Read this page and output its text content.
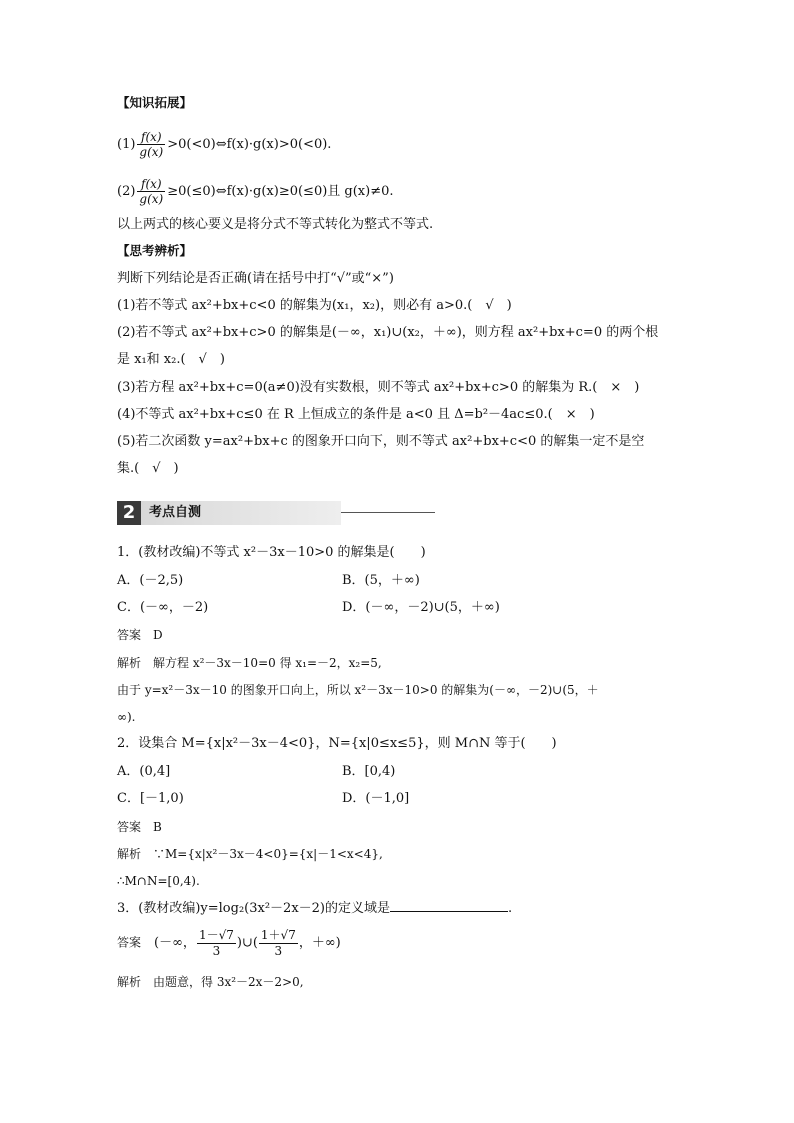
【知识拓展】
$(1) \frac{f(x)}{g(x)}$ >0(<0)⇔f(x)·g(x)>0(<0).
$(2) \frac{f(x)}{g(x)}$ ≥0(≤0)⇔f(x)·g(x)≥0(≤0)且 g(x)≠0.
以上两式的核心要义是将分式不等式转化为整式不等式.
【思考辨析】
判断下列结论是否正确(请在括号中打“√”或“×”)
(1)若不等式 ax²+bx+c<0 的解集为(x₁，x₂)，则必有 a>0.(　√　)
(2)若不等式 ax²+bx+c>0 的解集是(－∞，x₁)∪(x₂，＋∞)，则方程 ax²+bx+c=0 的两个根
是 x₁和 x₂.(　√　)
(3)若方程 ax²+bx+c=0(a≠0)没有实数根，则不等式 ax²+bx+c>0 的解集为 R.(　×　)
(4)不等式 ax²+bx+c≤0 在 R 上恒成立的条件是 a<0 且 Δ=b²－4ac≤0.(　×　)
(5)若二次函数 y=ax²+bx+c 的图象开口向下，则不等式 ax²+bx+c<0 的解集一定不是空
集.(　√　)
2	考点自测
1．(教材改编)不等式 x²－3x－10>0 的解集是(　　)
A．(－2,5)	B．(5，＋∞)
C．(－∞，－2)	D．(－∞，－2)∪(5，＋∞)
答案　D
解析　解方程 x²－3x－10=0 得 x₁=－2，x₂=5,
由于 y=x²－3x－10 的图象开口向上，所以 x²－3x－10>0 的解集为(－∞，－2)∪(5，＋
∞).
2．设集合 M={x|x²－3x－4<0}，N={x|0≤x≤5}，则 M∩N 等于(　　)
A．(0,4]	B．[0,4)
C．[－1,0)	D．(－1,0]
答案　B
解析　∵M={x|x²－3x－4<0}={x|－1<x<4},
∴M∩N=[0,4).
3．(教材改编)y=log₂(3x²－2x－2)的定义域是	.
答案　 (－∞， $\frac{1-√7}{3}$ )∪( $\frac{1+√7}{3}$ ，＋∞)
解析　由题意，得 3x²－2x－2>0,
